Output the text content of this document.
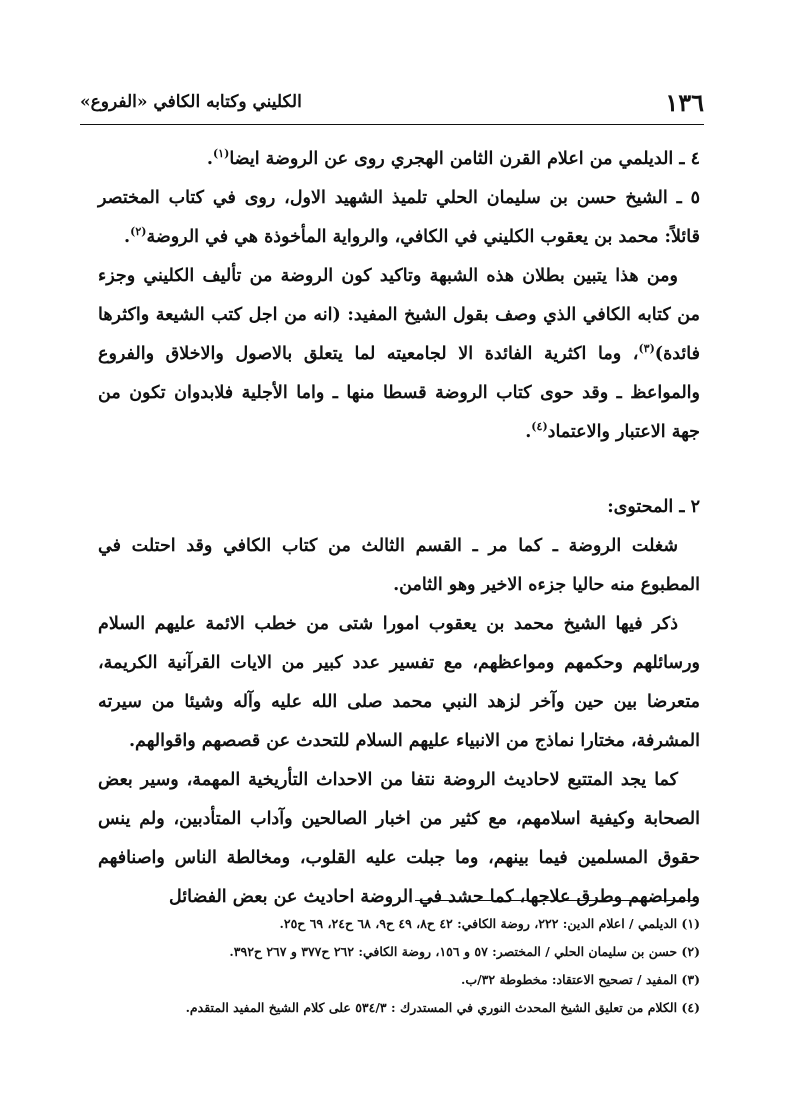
١٣٦
الكليني وكتابه الكافي «الفروع»

٤ ـ الديلمي من اعلام القرن الثامن الهجري روى عن الروضة ايضا$^{(١)}$.

٥ ـ الشيخ حسن بن سليمان الحلي تلميذ الشهيد الاول، روى في كتاب المختصر قائلاً: محمد بن يعقوب الكليني في الكافي، والرواية المأخوذة هي في الروضة$^{(٢)}$.

ومن هذا يتبين بطلان هذه الشبهة وتاكيد كون الروضة من تأليف الكليني وجزء من كتابه الكافي الذي وصف بقول الشيخ المفيد: (انه من اجل كتب الشيعة واكثرها فائدة)$^{(٣)}$، وما اكثرية الفائدة الا لجامعيته لما يتعلق بالاصول والاخلاق والفروع والمواعظ ـ وقد حوى كتاب الروضة قسطا منها ـ واما الأجلية فلابدوان تكون من جهة الاعتبار والاعتماد$^{(٤)}$.

٢ ـ المحتوى:

شغلت الروضة ـ كما مر ـ القسم الثالث من كتاب الكافي وقد احتلت في المطبوع منه حاليا جزءه الاخير وهو الثامن.

ذكر فيها الشيخ محمد بن يعقوب امورا شتى من خطب الائمة عليهم السلام ورسائلهم وحكمهم ومواعظهم، مع تفسير عدد كبير من الايات القرآنية الكريمة، متعرضا بين حين وآخر لزهد النبي محمد صلى الله عليه وآله وشيئا من سيرته المشرفة، مختارا نماذج من الانبياء عليهم السلام للتحدث عن قصصهم واقوالهم.

كما يجد المتتبع لاحاديث الروضة نتفا من الاحداث التأريخية المهمة، وسير بعض الصحابة وكيفية اسلامهم، مع كثير من اخبار الصالحين وآداب المتأدبين، ولم ينس حقوق المسلمين فيما بينهم، وما جبلت عليه القلوب، ومخالطة الناس واصنافهم وامراضهم وطرق علاجها، كما حشد في الروضة احاديث عن بعض الفضائل

(١) الديلمي / اعلام الدين: ٢٢٢، روضة الكافي: ٤٢ ح٨، ٤٩ ح٩، ٦٨ ح٢٤، ٦٩ ح٢٥.
(٢) حسن بن سليمان الحلي / المختصر: ٥٧ و ١٥٦، روضة الكافي: ٢٦٢ ح٣٧٧ و ٢٦٧ ح٣٩٢.
(٣) المفيد / تصحيح الاعتقاد: مخطوطة ٣٢/ب.
(٤) الكلام من تعليق الشيخ المحدث النوري في المستدرك : ٥٣٤/٣ على كلام الشيخ المفيد المتقدم.
